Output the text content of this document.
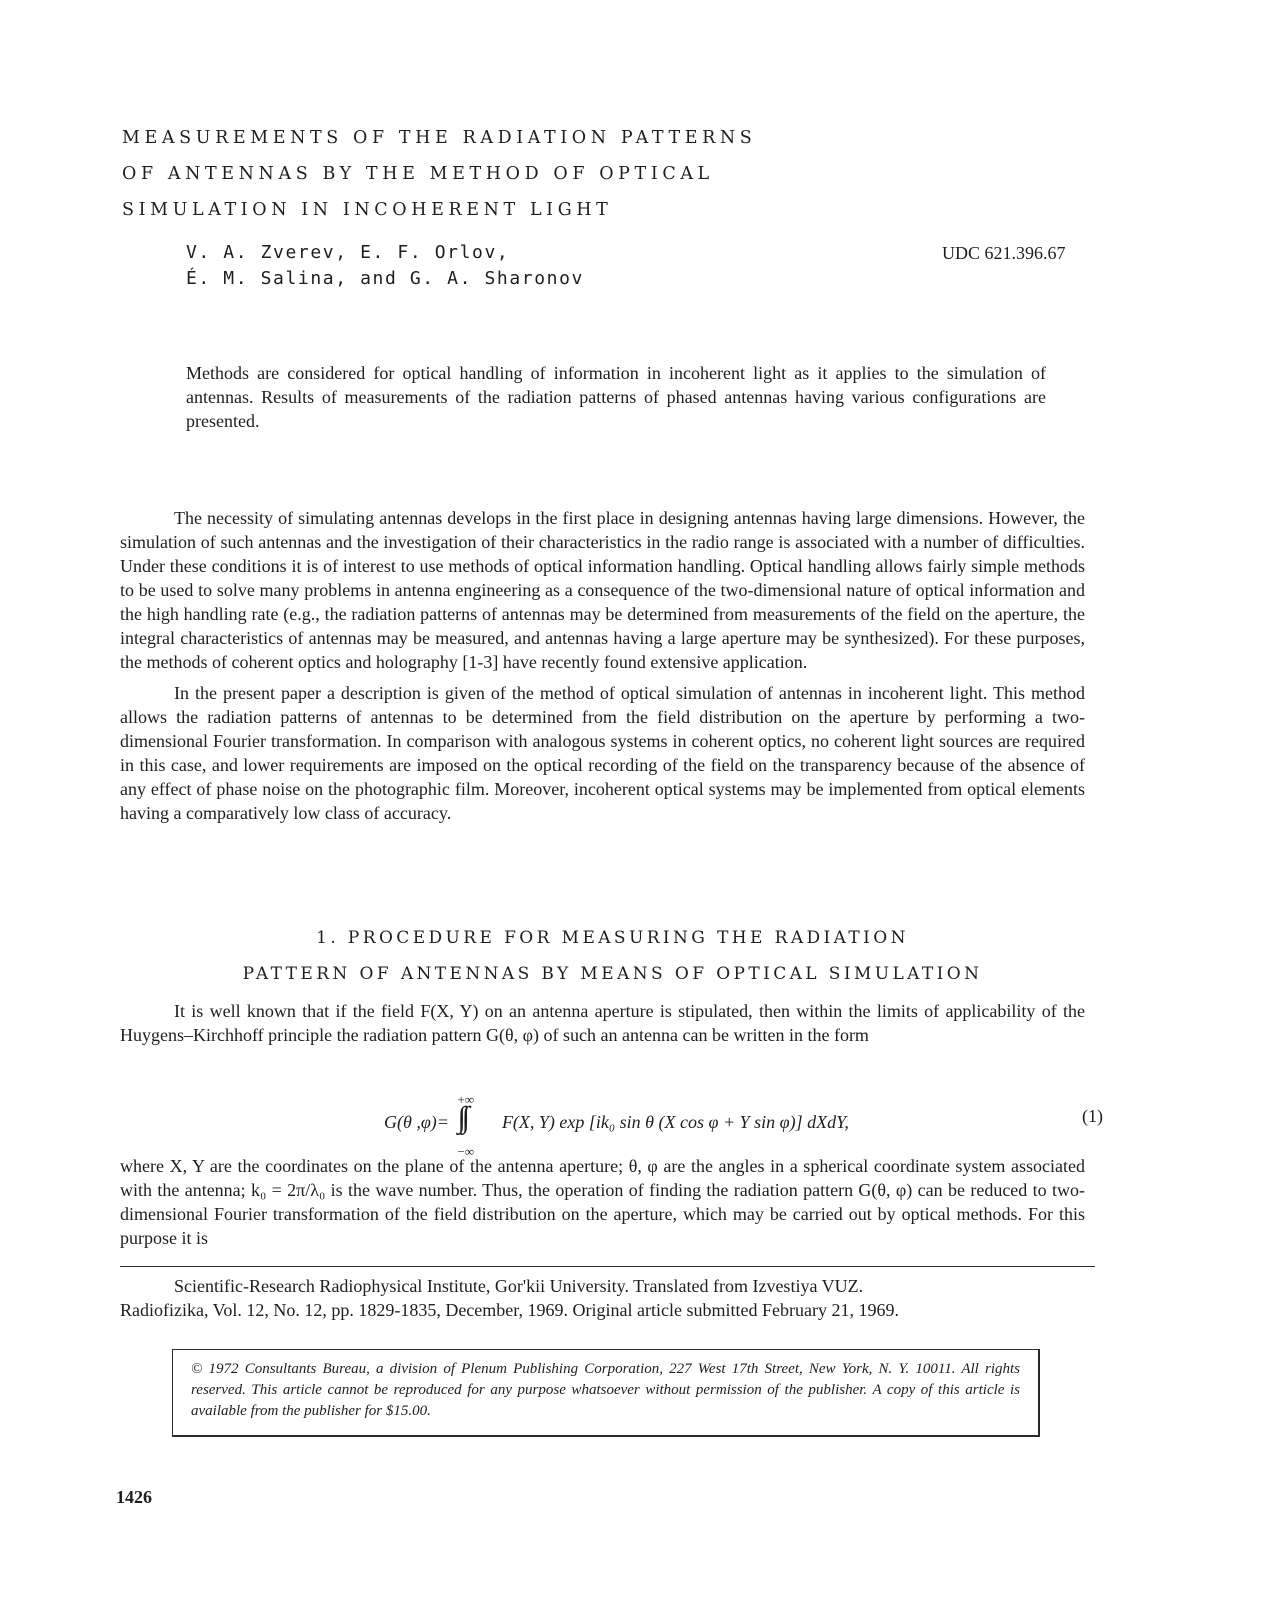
MEASUREMENTS OF THE RADIATION PATTERNS
OF ANTENNAS BY THE METHOD OF OPTICAL
SIMULATION IN INCOHERENT LIGHT
V. A. Zverev, E. F. Orlov,
É. M. Salina, and G. A. Sharonov
UDC 621.396.67
Methods are considered for optical handling of information in incoherent light as it applies to the simulation of antennas. Results of measurements of the radiation patterns of phased antennas having various configurations are presented.

The necessity of simulating antennas develops in the first place in designing antennas having large dimensions. However, the simulation of such antennas and the investigation of their characteristics in the radio range is associated with a number of difficulties. Under these conditions it is of interest to use methods of optical information handling. Optical handling allows fairly simple methods to be used to solve many problems in antenna engineering as a consequence of the two-dimensional nature of optical information and the high handling rate (e.g., the radiation patterns of antennas may be determined from measurements of the field on the aperture, the integral characteristics of antennas may be measured, and antennas having a large aperture may be synthesized). For these purposes, the methods of coherent optics and holography [1-3] have recently found extensive application.

In the present paper a description is given of the method of optical simulation of antennas in incoherent light. This method allows the radiation patterns of antennas to be determined from the field distribution on the aperture by performing a two-dimensional Fourier transformation. In comparison with analogous systems in coherent optics, no coherent light sources are required in this case, and lower requirements are imposed on the optical recording of the field on the transparency because of the absence of any effect of phase noise on the photographic film. Moreover, incoherent optical systems may be implemented from optical elements having a comparatively low class of accuracy.

1. PROCEDURE FOR MEASURING THE RADIATION
PATTERN OF ANTENNAS BY MEANS OF OPTICAL SIMULATION

It is well known that if the field F(X, Y) on an antenna aperture is stipulated, then within the limits of applicability of the Huygens–Kirchhoff principle the radiation pattern G(θ, φ) of such an antenna can be written in the form

G(θ ,φ)=
+∞
∫∫
−∞
F(X, Y) exp [ik₀ sin θ (X cos φ + Y sin φ)] dXdY,	(1)

where X, Y are the coordinates on the plane of the antenna aperture; θ, φ are the angles in a spherical coordinate system associated with the antenna; k₀ = 2π/λ₀ is the wave number. Thus, the operation of finding the radiation pattern G(θ, φ) can be reduced to two-dimensional Fourier transformation of the field distribution on the aperture, which may be carried out by optical methods. For this purpose it is

Scientific-Research Radiophysical Institute, Gor'kii University. Translated from Izvestiya VUZ.
Radiofizika, Vol. 12, No. 12, pp. 1829-1835, December, 1969. Original article submitted February 21, 1969.
© 1972 Consultants Bureau, a division of Plenum Publishing Corporation, 227 West 17th Street, New York, N. Y. 10011. All rights reserved. This article cannot be reproduced for any purpose whatsoever without permission of the publisher. A copy of this article is available from the publisher for $15.00.
1426
